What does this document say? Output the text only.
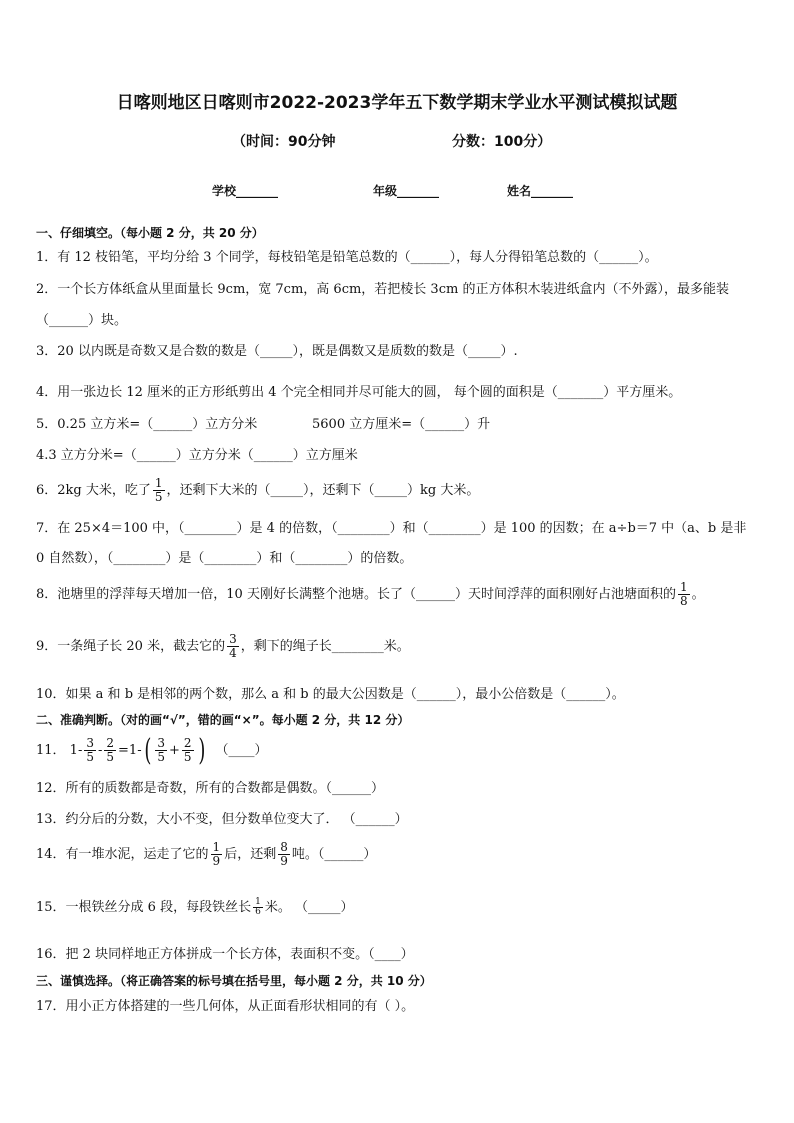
日喀则地区日喀则市2022-2023学年五下数学期末学业水平测试模拟试题
（时间：90分钟	分数：100分）
学校_______	年级_______	姓名_______
一、仔细填空。（每小题 2 分，共 20 分）
1．有 12 枝铅笔，平均分给 3 个同学，每枝铅笔是铅笔总数的（______），每人分得铅笔总数的（______）。
2．一个长方体纸盒从里面量长 9cm，宽 7cm，高 6cm，若把棱长 3cm 的正方体积木装进纸盒内（不外露），最多能装
（______）块。
3．20 以内既是奇数又是合数的数是（_____），既是偶数又是质数的数是（_____）.
4．用一张边长 12 厘米的正方形纸剪出 4 个完全相同并尽可能大的圆， 每个圆的面积是（_______）平方厘米。
5．0.25 立方米=（______）立方分米	5600 立方厘米=（______）升
4.3 立方分米=（______）立方分米（______）立方厘米
6．2kg 大米，吃了 $\frac{1}{5}$ ，还剩下大米的（_____），还剩下（_____）kg 大米。
7．在 25×4＝100 中，（________）是 4 的倍数，（________）和（________）是 100 的因数；在 a÷b＝7 中（a、b 是非
0 自然数），（________）是（________）和（________）的倍数。
8．池塘里的浮萍每天增加一倍，10 天刚好长满整个池塘。长了（______）天时间浮萍的面积刚好占池塘面积的 $\frac{1}{8}$ 。
9．一条绳子长 20 米，截去它的 $\frac{3}{4}$ ，剩下的绳子长________米。
10．如果 a 和 b 是相邻的两个数，那么 a 和 b 的最大公因数是（______），最小公倍数是（______）。
二、准确判断。（对的画“√”，错的画“×”。每小题 2 分，共 12 分）
11． $1- \frac{3}{5} - \frac{2}{5} =1-( \frac{3}{5} + \frac{2}{5}$ ) （____）
12．所有的质数都是奇数，所有的合数都是偶数。（______）
13．约分后的分数，大小不变，但分数单位变大了． （______）
14．有一堆水泥，运走了它的 $\frac{1}{9}$ 后，还剩 $\frac{8}{9}$ 吨。（______）
15．一根铁丝分成 6 段，每段铁丝长 $\frac{1}{6}$ 米。 （_____）
16．把 2 块同样地正方体拼成一个长方体，表面积不变。（____）
三、谨慎选择。（将正确答案的标号填在括号里，每小题 2 分，共 10 分）
17．用小正方体搭建的一些几何体，从正面看形状相同的有（ ）。
